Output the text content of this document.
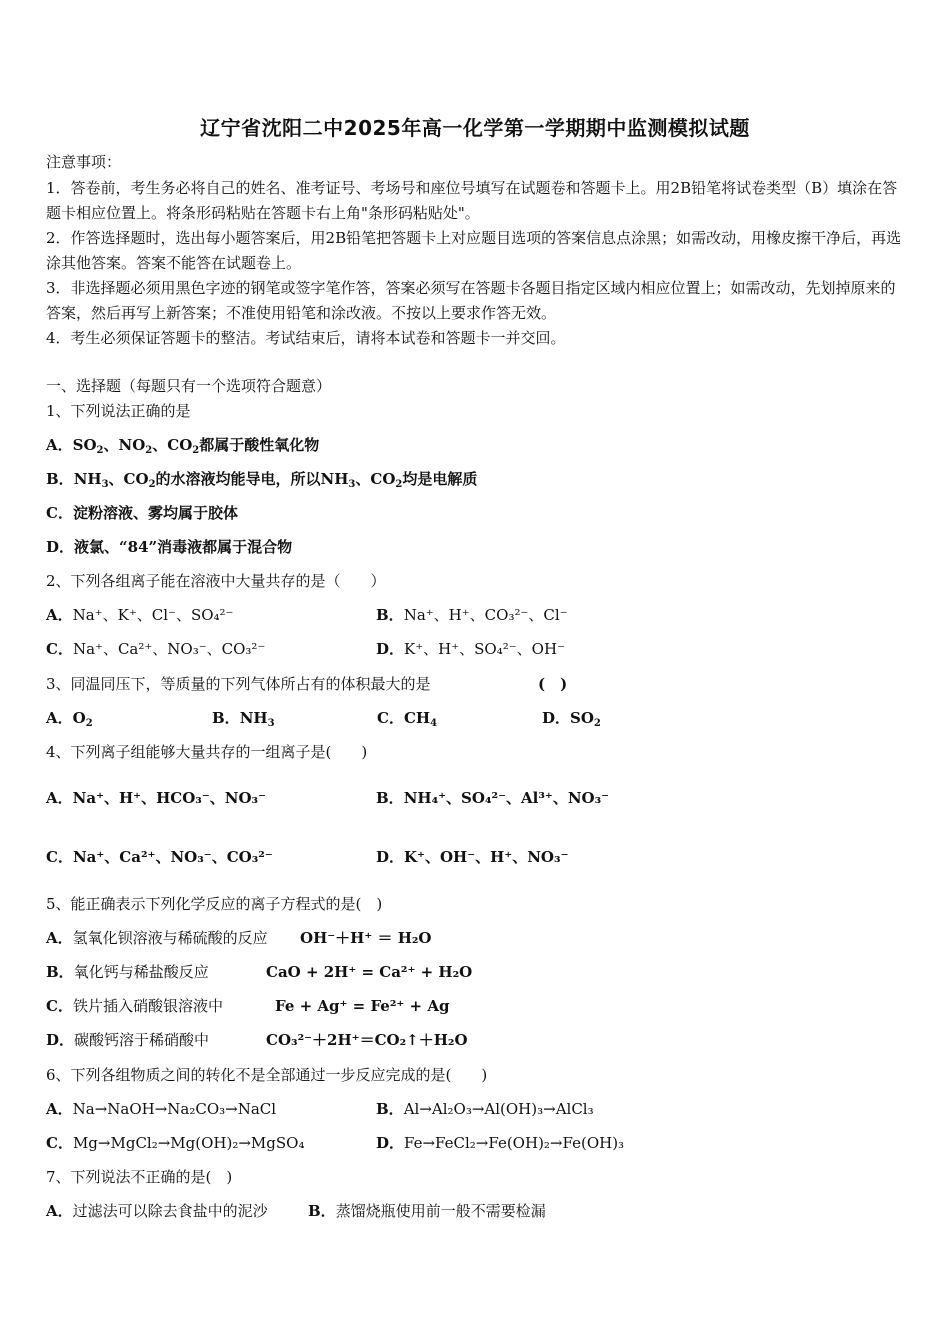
辽宁省沈阳二中2025年高一化学第一学期期中监测模拟试题
注意事项：
1．答卷前，考生务必将自己的姓名、准考证号、考场号和座位号填写在试题卷和答题卡上。用2B铅笔将试卷类型（B）填涂在答题卡相应位置上。将条形码粘贴在答题卡右上角"条形码粘贴处"。
2．作答选择题时，选出每小题答案后，用2B铅笔把答题卡上对应题目选项的答案信息点涂黑；如需改动，用橡皮擦干净后，再选涂其他答案。答案不能答在试题卷上。
3．非选择题必须用黑色字迹的钢笔或签字笔作答，答案必须写在答题卡各题目指定区域内相应位置上；如需改动，先划掉原来的答案，然后再写上新答案；不准使用铅笔和涂改液。不按以上要求作答无效。
4．考生必须保证答题卡的整洁。考试结束后，请将本试卷和答题卡一并交回。
一、选择题（每题只有一个选项符合题意）
1、下列说法正确的是
A．$SO_2$、$NO_2$、$CO_2$都属于酸性氧化物
B．$NH_3$、$CO_2$的水溶液均能导电，所以$NH_3$、$CO_2$均是电解质
C．淀粉溶液、雾均属于胶体
D．液氯、“84”消毒液都属于混合物
2、下列各组离子能在溶液中大量共存的是（　　）
A．Na⁺、K⁺、Cl⁻、SO₄²⁻	B．Na⁺、H⁺、CO₃²⁻、Cl⁻
C．Na⁺、Ca²⁺、NO₃⁻、CO₃²⁻	D．K⁺、H⁺、SO₄²⁻、OH⁻
3、同温同压下，等质量的下列气体所占有的体积最大的是	(　)
A．$O_2$	B．$NH_3$	C．$CH_4$	D．$SO_2$
4、下列离子组能够大量共存的一组离子是(　　)
A．Na⁺、H⁺、HCO₃⁻、NO₃⁻	B．NH₄⁺、SO₄²⁻、Al³⁺、NO₃⁻
C．Na⁺、Ca²⁺、NO₃⁻、CO₃²⁻	D．K⁺、OH⁻、H⁺、NO₃⁻
5、能正确表示下列化学反应的离子方程式的是(　)
A．氢氧化钡溶液与稀硫酸的反应 OH⁻＋H⁺ ＝ H₂O
B．氧化钙与稀盐酸反应	CaO + 2H⁺ = Ca²⁺ + H₂O
C．铁片插入硝酸银溶液中	Fe + Ag⁺ = Fe²⁺ + Ag
D．碳酸钙溶于稀硝酸中	CO₃²⁻＋2H⁺＝CO₂↑＋H₂O
6、下列各组物质之间的转化不是全部通过一步反应完成的是(　　)
A．Na→NaOH→Na₂CO₃→NaCl	B．Al→Al₂O₃→Al(OH)₃→AlCl₃
C．Mg→MgCl₂→Mg(OH)₂→MgSO₄	D．Fe→FeCl₂→Fe(OH)₂→Fe(OH)₃
7、下列说法不正确的是(　)
A．过滤法可以除去食盐中的泥沙	B．蒸馏烧瓶使用前一般不需要检漏
